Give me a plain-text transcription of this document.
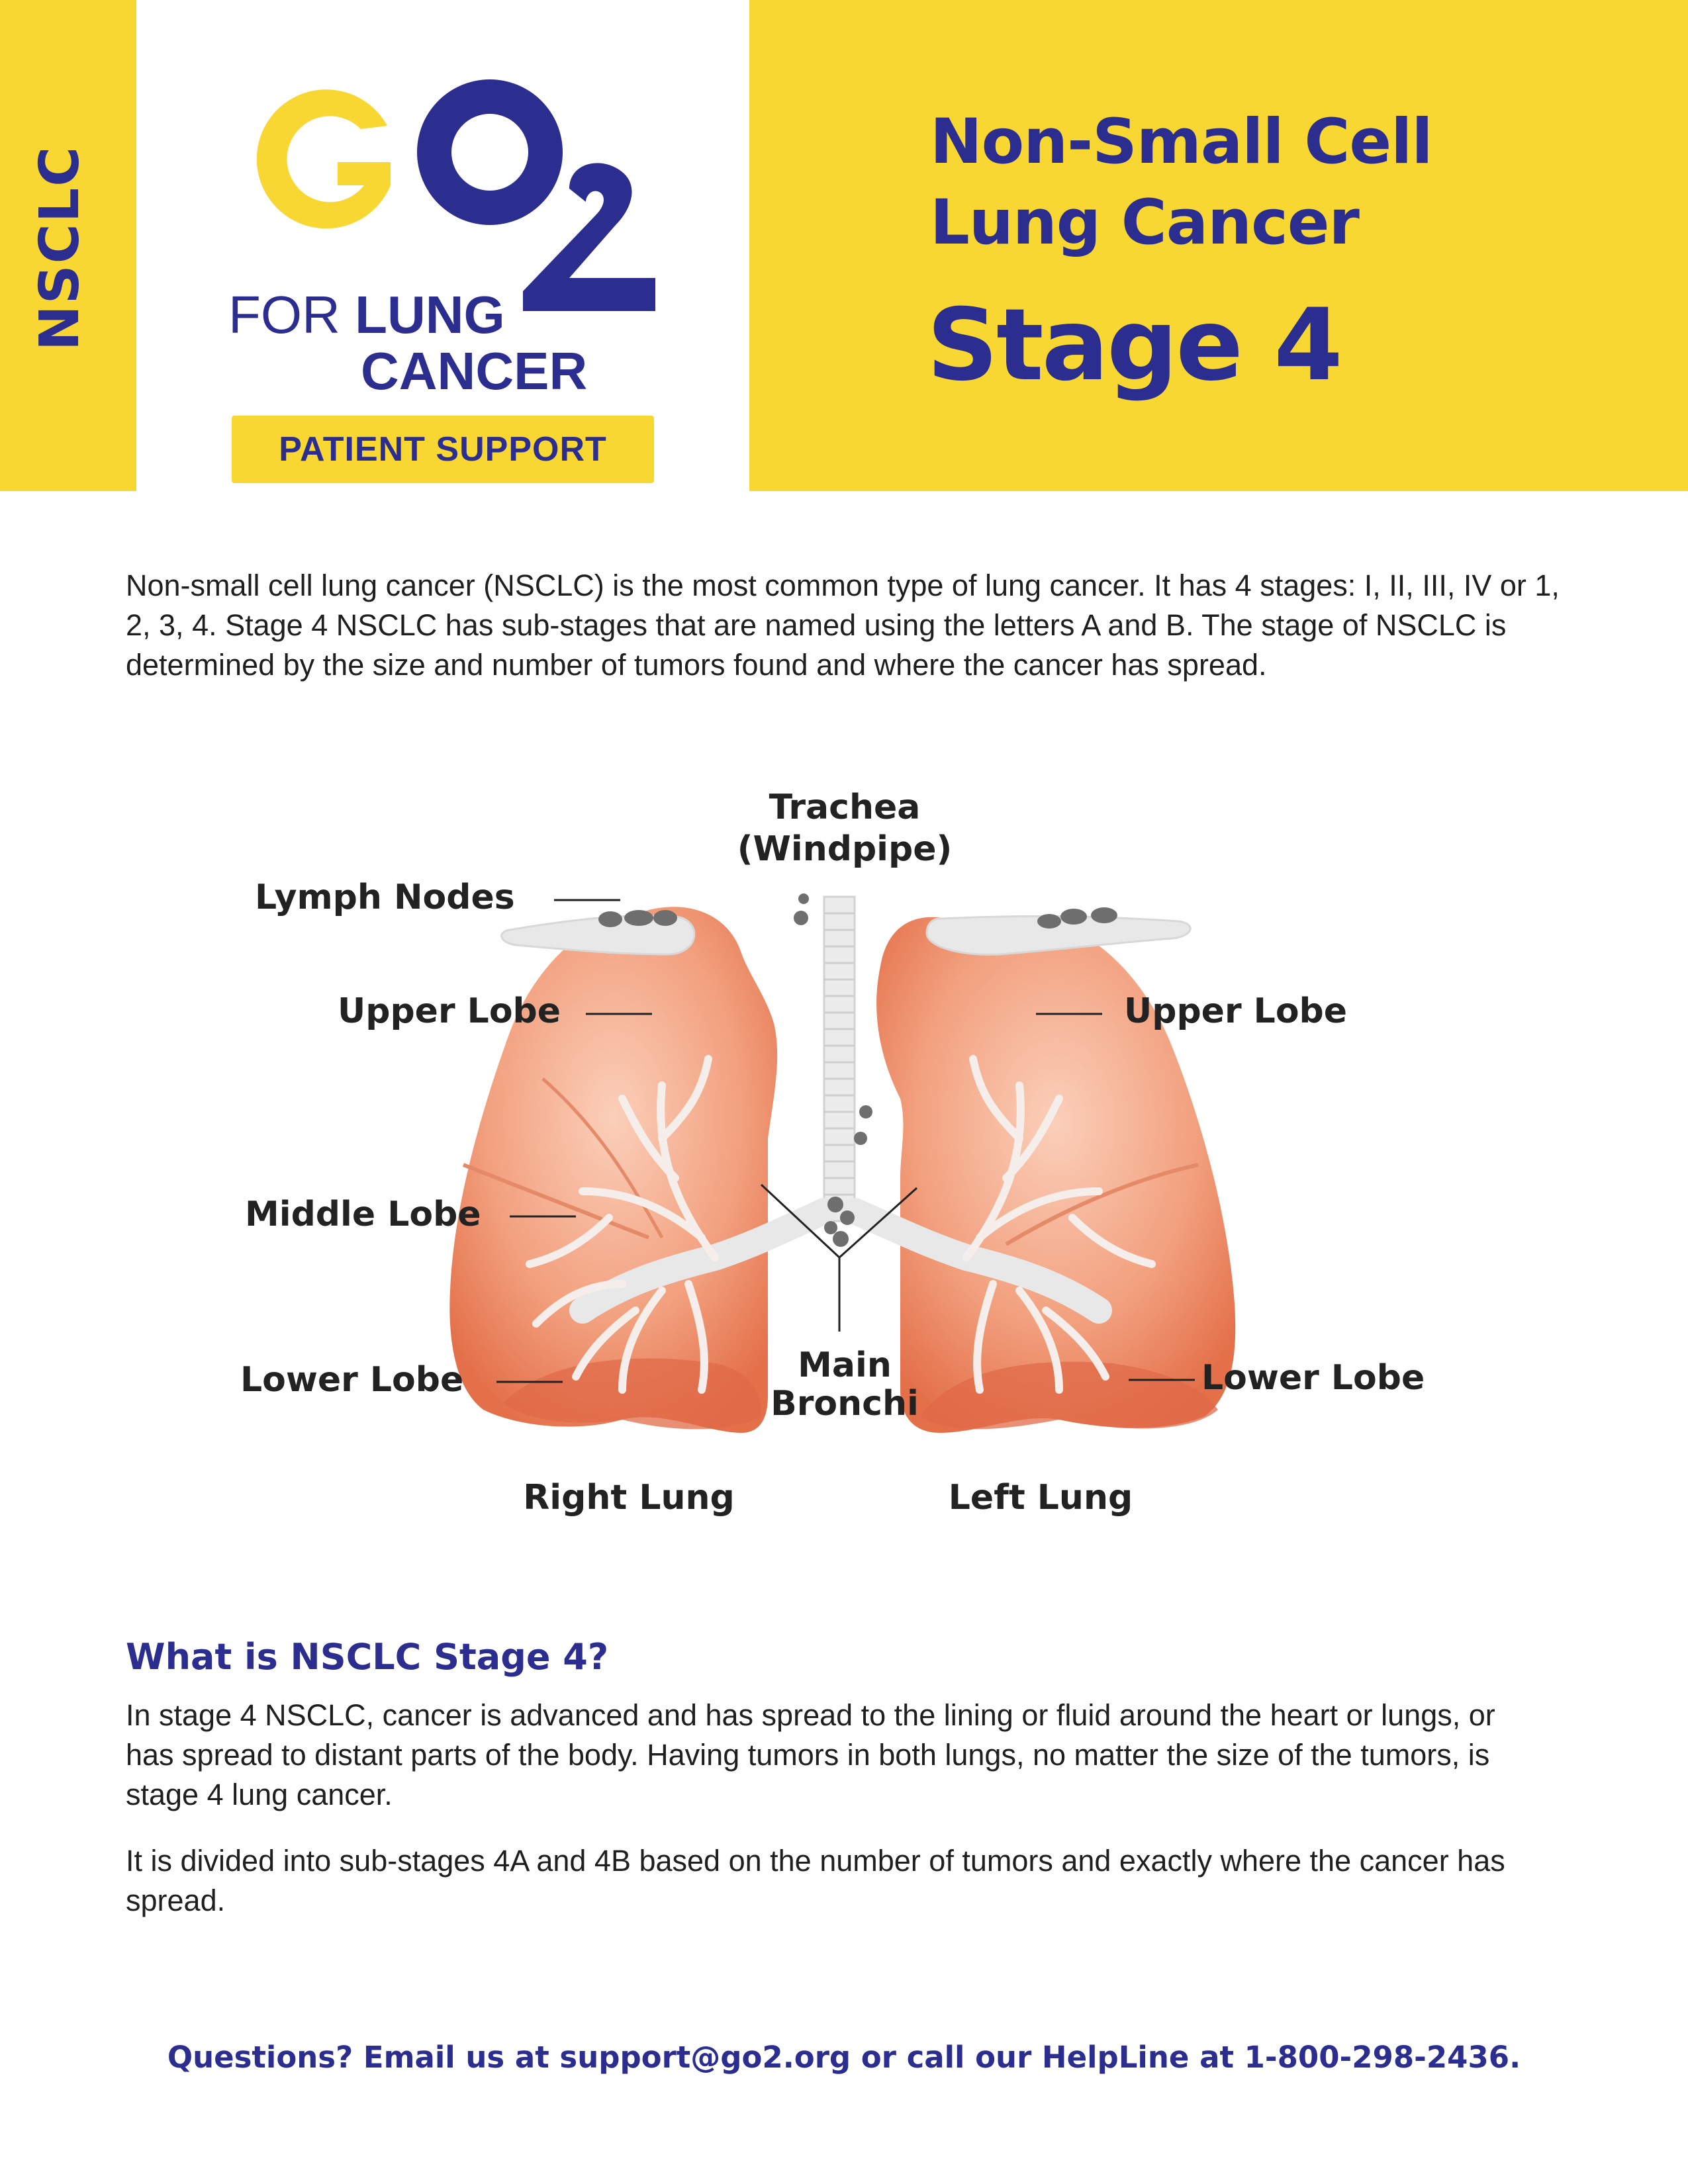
NSCLC	FOR LUNG
CANCER
PATIENT SUPPORT
Non-Small Cell
Lung Cancer
Stage 4

Non-small cell lung cancer (NSCLC) is the most common type of lung cancer. It has 4 stages: I, II, III, IV or 1, 2, 3, 4. Stage 4 NSCLC has sub-stages that are named using the letters A and B. The stage of NSCLC is determined by the size and number of tumors found and where the cancer has spread.

Trachea
(Windpipe)
Lymph Nodes
Upper Lobe	Upper Lobe
Middle Lobe
Lower Lobe	Lower Lobe
Main
Bronchi
Right Lung	Left Lung
What is NSCLC Stage 4?

In stage 4 NSCLC, cancer is advanced and has spread to the lining or fluid around the heart or lungs, or has spread to distant parts of the body. Having tumors in both lungs, no matter the size of the tumors, is stage 4 lung cancer.

It is divided into sub-stages 4A and 4B based on the number of tumors and exactly where the cancer has spread.

Questions? Email us at support@go2.org or call our HelpLine at 1-800-298-2436.
